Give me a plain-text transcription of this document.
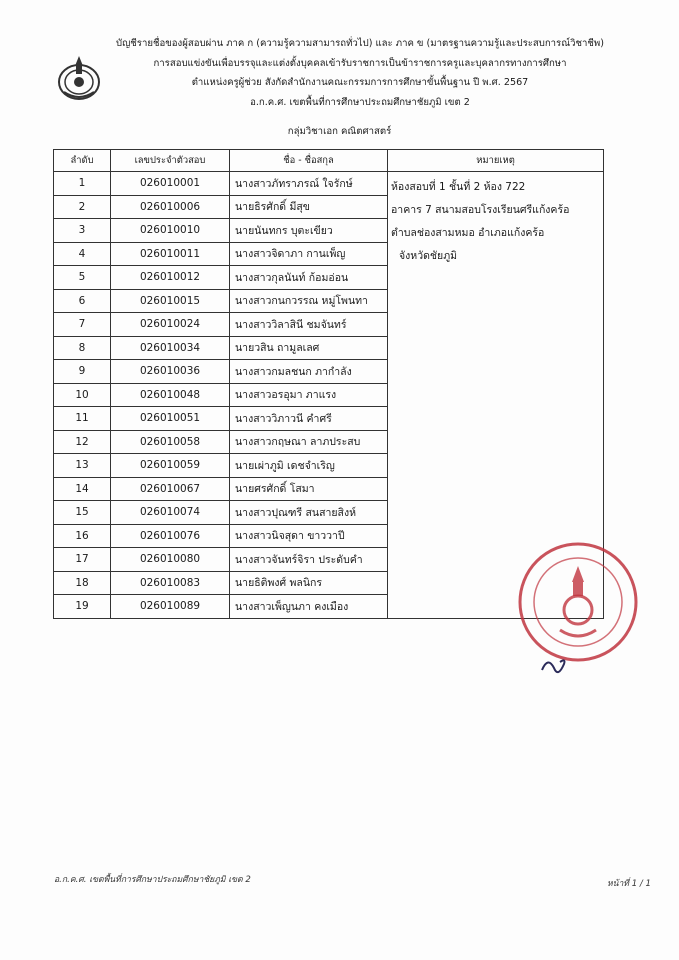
บัญชีรายชื่อของผู้สอบผ่าน ภาค ก (ความรู้ความสามารถทั่วไป) และ ภาค ข (มาตรฐานความรู้และประสบการณ์วิชาชีพ)
การสอบแข่งขันเพื่อบรรจุและแต่งตั้งบุคคลเข้ารับราชการเป็นข้าราชการครูและบุคลากรทางการศึกษา
ตำแหน่งครูผู้ช่วย สังกัดสำนักงานคณะกรรมการการศึกษาขั้นพื้นฐาน ปี พ.ศ. 2567
อ.ก.ค.ศ. เขตพื้นที่การศึกษาประถมศึกษาชัยภูมิ เขต 2
กลุ่มวิชาเอก คณิตศาสตร์
ลำดับ	เลขประจำตัวสอบ	ชื่อ - ชื่อสกุล	หมายเหตุ
1	026010001	นางสาวภัทราภรณ์ ใจรักษ์	
2	026010006	นายธิรศักดิ์ มีสุข	
3	026010010	นายนันทกร บุตะเขียว	
4	026010011	นางสาวจิดาภา กานเพ็ญ	
5	026010012	นางสาวกุลนันท์ ก้อมอ่อน	
6	026010015	นางสาวกนกวรรณ หมู่โพนทา	
7	026010024	นางสาววิลาสินี ชมจันทร์	
8	026010034	นายวสิน ถามูลเลศ	
9	026010036	นางสาวกมลชนก ภากำลัง	
10	026010048	นางสาวอรอุมา ภาแรง	
11	026010051	นางสาววิภาวนี คำศรี	
12	026010058	นางสาวกฤษณา ลาภประสบ	
13	026010059	นายเผ่าภูมิ เดชจำเริญ	
14	026010067	นายศรศักดิ์ โสมา	
15	026010074	นางสาวปุณฑรี สนสายสิงห์	
16	026010076	นางสาวนิจสุดา ขาววาปี	
17	026010080	นางสาวจันทร์จิรา ประดับคำ	
18	026010083	นายธิติพงศ์ พลนิกร	
19	026010089	นางสาวเพ็ญนภา คงเมือง	
ห้องสอบที่ 1 ชั้นที่ 2 ห้อง 722
อาคาร 7 สนามสอบโรงเรียนศรีแก้งคร้อ
ตำบลช่องสามหมอ อำเภอแก้งคร้อ
จังหวัดชัยภูมิ
อ.ก.ค.ศ. เขตพื้นที่การศึกษาประถมศึกษาชัยภูมิ เขต 2	หน้าที่ 1 / 1
